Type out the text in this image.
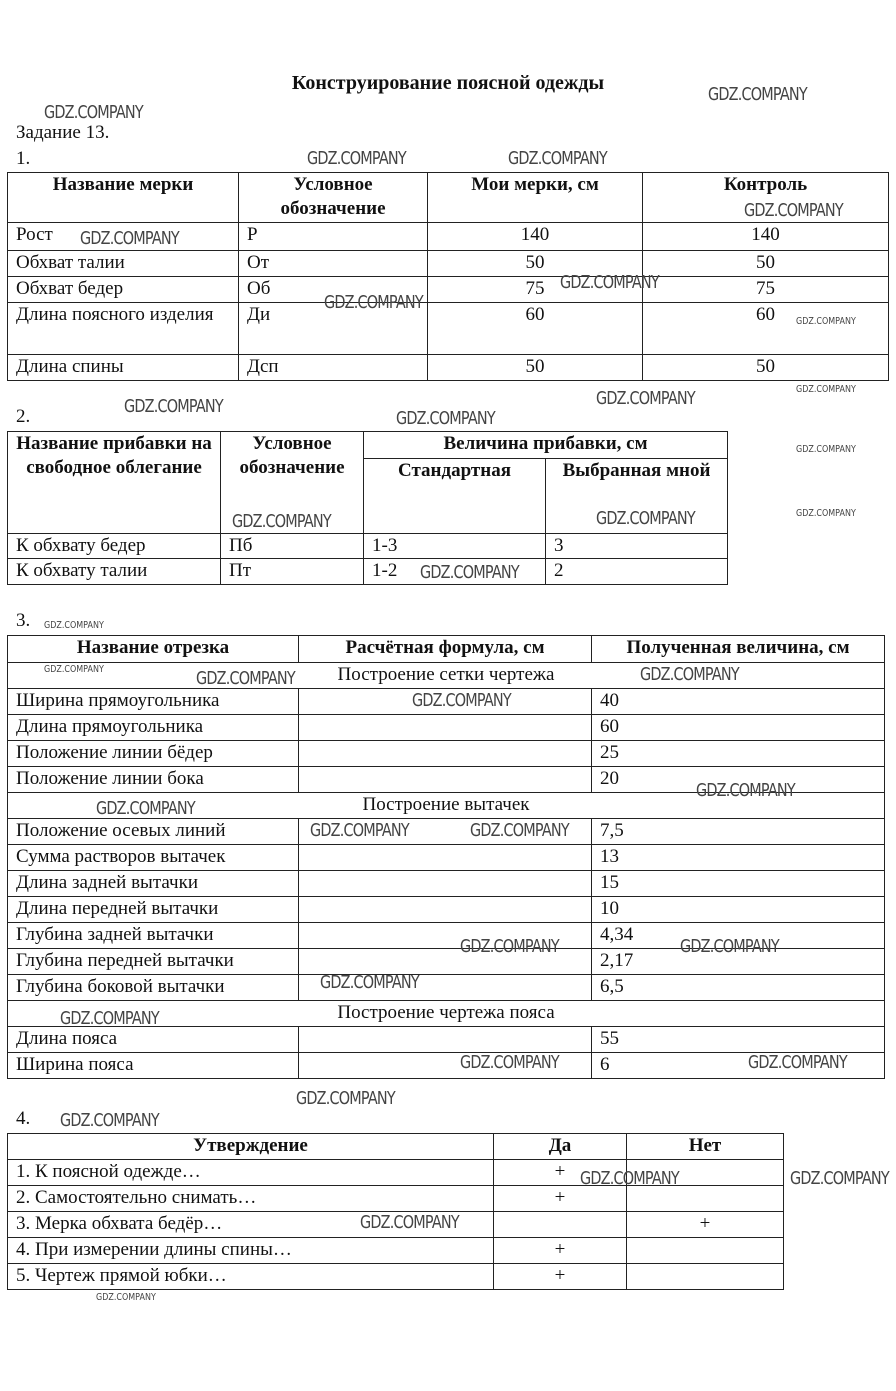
Конструирование поясной одежды
Задание 13.
1.
Название мерки	Условное обозначение	Мои мерки, см	Контроль
Рост	Р	140	140
Обхват талии	От	50	50
Обхват бедер	Об	75	75
Длина поясного изделия	Ди	60	60
Длина спины	Дсп	50	50
2.
Название прибавки на свободное облегание	Условное обозначение	Величина прибавки, см	
		Стандартная	Выбранная мной
К обхвату бедер	Пб	1-3	3
К обхвату талии	Пт	1-2	2
3.
Название отрезка	Расчётная формула, см	Полученная величина, см
Построение сетки чертежа		
Ширина прямоугольника		40
Длина прямоугольника		60
Положение линии бёдер		25
Положение линии бока		20
Построение вытачек		
Положение осевых линий		7,5
Сумма растворов вытачек		13
Длина задней вытачки		15
Длина передней вытачки		10
Глубина задней вытачки		4,34
Глубина передней вытачки		2,17
Глубина боковой вытачки		6,5
Построение чертежа пояса		
Длина пояса		55
Ширина пояса		6
4.
Утверждение	Да	Нет
1. К поясной одежде…	+	
2. Самостоятельно снимать…	+	
3. Мерка обхвата бедёр…		+
4. При измерении длины спины…	+	
5. Чертеж прямой юбки…	+	
GDZ.COMPANY
GDZ.COMPANY
GDZ.COMPANY	GDZ.COMPANY
GDZ.COMPANY
GDZ.COMPANY
GDZ.COMPANY
GDZ.COMPANY
GDZ.COMPANY
GDZ.COMPANY
GDZ.COMPANY
GDZ.COMPANY	GDZ.COMPANY
GDZ.COMPANY
GDZ.COMPANY	GDZ.COMPANY
GDZ.COMPANY
GDZ.COMPANY
GDZ.COMPANY
GDZ.COMPANY	GDZ.COMPANY
GDZ.COMPANY	GDZ.COMPANY
GDZ.COMPANY
GDZ.COMPANY
GDZ.COMPANY	GDZ.COMPANY
GDZ.COMPANY
GDZ.COMPANY
GDZ.COMPANY	GDZ.COMPANY
GDZ.COMPANY
GDZ.COMPANY
GDZ.COMPANY
GDZ.COMPANY
GDZ.COMPANY
GDZ.COMPANY
GDZ.COMPANY
GDZ.COMPANY
